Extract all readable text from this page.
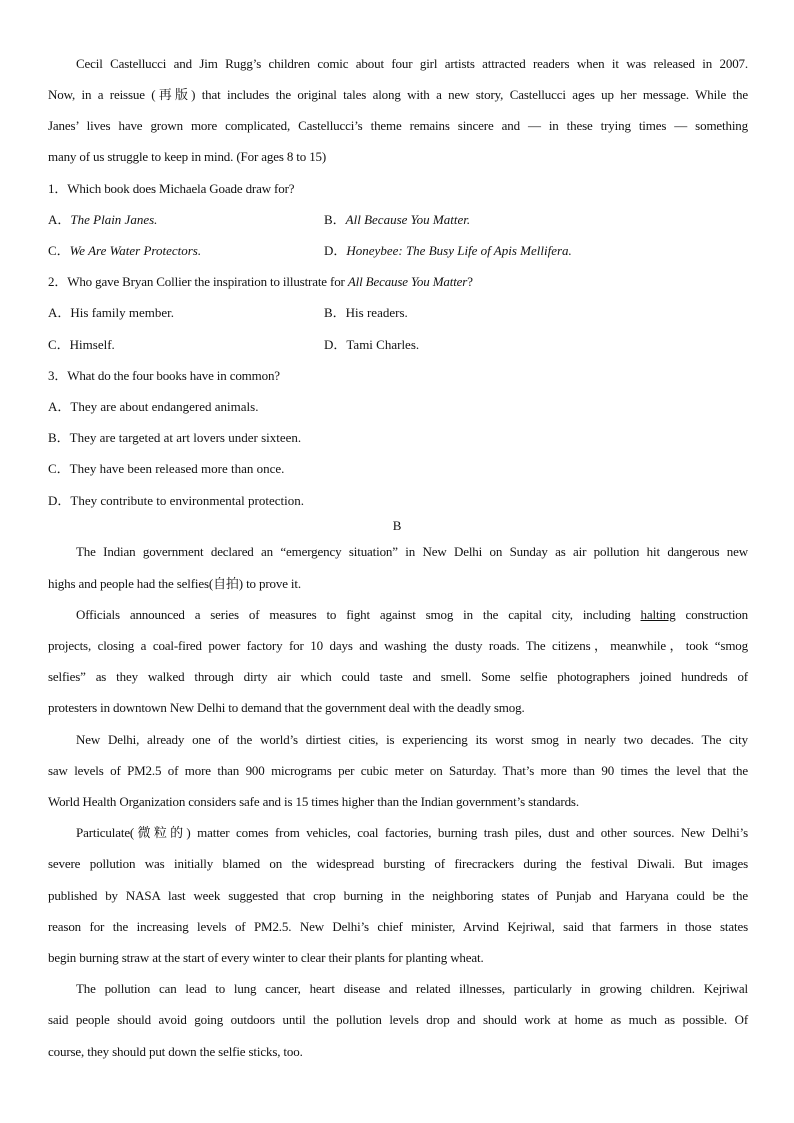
Cecil Castellucci and Jim Rugg’s children comic about four girl artists attracted readers when it was released in 2007.
Now, in a reissue (再版) that includes the original tales along with a new story, Castellucci ages up her message. While the
Janes’ lives have grown more complicated, Castellucci’s theme remains sincere and — in these trying times — something
many of us struggle to keep in mind. (For ages 8 to 15)
1．Which book does Michaela Goade draw for?
A．The Plain Janes.	B．All Because You Matter.
C．We Are Water Protectors.	D．Honeybee: The Busy Life of Apis Mellifera.
2．Who gave Bryan Collier the inspiration to illustrate for All Because You Matter?
A．His family member.	B．His readers.
C．Himself.	D．Tami Charles.
3．What do the four books have in common?
A．They are about endangered animals.
B．They are targeted at art lovers under sixteen.
C．They have been released more than once.
D．They contribute to environmental protection.
B
The Indian government declared an “emergency situation” in New Delhi on Sunday as air pollution hit dangerous new
highs and people had the selfies(自拍) to prove it.
Officials announced a series of measures to fight against smog in the capital city, including halting construction
projects, closing a coal-fired power factory for 10 days and washing the dusty roads. The citizens，meanwhile，took “smog
selfies” as they walked through dirty air which could taste and smell. Some selfie photographers joined hundreds of
protesters in downtown New Delhi to demand that the government deal with the deadly smog.
New Delhi, already one of the world’s dirtiest cities, is experiencing its worst smog in nearly two decades. The city
saw levels of PM2.5 of more than 900 micrograms per cubic meter on Saturday. That’s more than 90 times the level that the
World Health Organization considers safe and is 15 times higher than the Indian government’s standards.
Particulate(微粒的) matter comes from vehicles, coal factories, burning trash piles, dust and other sources. New Delhi’s
severe pollution was initially blamed on the widespread bursting of firecrackers during the festival Diwali. But images
published by NASA last week suggested that crop burning in the neighboring states of Punjab and Haryana could be the
reason for the increasing levels of PM2.5. New Delhi’s chief minister, Arvind Kejriwal, said that farmers in those states
begin burning straw at the start of every winter to clear their plants for planting wheat.
The pollution can lead to lung cancer, heart disease and related illnesses, particularly in growing children. Kejriwal
said people should avoid going outdoors until the pollution levels drop and should work at home as much as possible. Of
course, they should put down the selfie sticks, too.
